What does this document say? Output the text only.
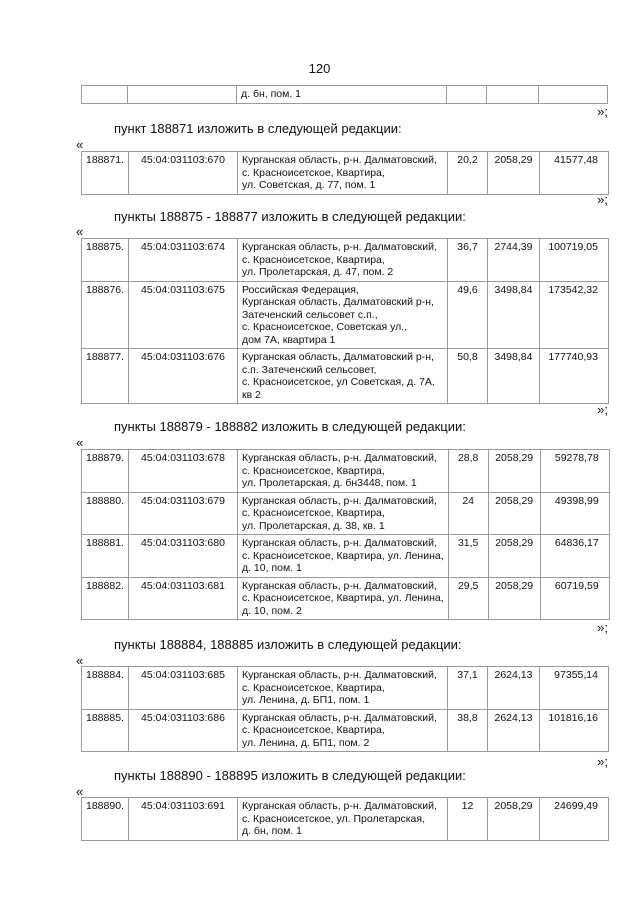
120
		д. бн, пом. 1			
»;
пункт 188871 изложить в следующей редакции:
«
188871.	45:04:031103:670	Курганская область, р-н. Далматовский,
с. Красноисетское, Квартира,
ул. Советская, д. 77, пом. 1
	20,2	2058,29	41577,48
»;
пункты 188875 - 188877 изложить в следующей редакции:
«
188875.	45:04:031103:674	Курганская область, р-н. Далматовский,
с. Красноисетское, Квартира,
ул. Пролетарская, д. 47, пом. 2	36,7	2744,39	100719,05
188876.	45:04:031103:675	Российская Федерация,
Курганская область, Далматовский р-н,
Затеченский сельсовет с.п.,
с. Красноисетское, Советская ул.,
дом 7А, квартира 1	49,6	3498,84	173542,32
188877.	45:04:031103:676	Курганская область, Далматовский р-н,
с.п. Затеченский сельсовет,
с. Красноисетское, ул Советская, д. 7А,
кв 2	50,8	3498,84	177740,93
»;
пункты 188879 - 188882 изложить в следующей редакции:
«
188879.	45:04:031103:678	Курганская область, р-н. Далматовский,
с. Красноисетское, Квартира,
ул. Пролетарская, д. бн3448, пом. 1	28,8	2058,29	59278,78
188880.	45:04:031103:679	Курганская область, р-н. Далматовский,
с. Красноисетское, Квартира,
ул. Пролетарская, д. 38, кв. 1	24	2058,29	49398,99
188881.	45:04:031103:680	Курганская область, р-н. Далматовский,
с. Красноисетское, Квартира, ул. Ленина,
д. 10, пом. 1	31,5	2058,29	64836,17
188882.	45:04:031103:681	Курганская область, р-н. Далматовский,
с. Красноисетское, Квартира, ул. Ленина,
д. 10, пом. 2	29,5	2058,29	60719,59
»;
пункты 188884, 188885 изложить в следующей редакции:
«
188884.	45:04:031103:685	Курганская область, р-н. Далматовский,
с. Красноисетское, Квартира,
ул. Ленина, д. БП1, пом. 1	37,1	2624,13	97355,14
188885.	45:04:031103:686	Курганская область, р-н. Далматовский,
с. Красноисетское, Квартира,
ул. Ленина, д. БП1, пом. 2	38,8	2624,13	101816,16
»;
пункты 188890 - 188895 изложить в следующей редакции:
«
188890.	45:04:031103:691	Курганская область, р-н. Далматовский,
с. Красноисетское, ул. Пролетарская,
д. бн, пом. 1
	12	2058,29	24699,49
